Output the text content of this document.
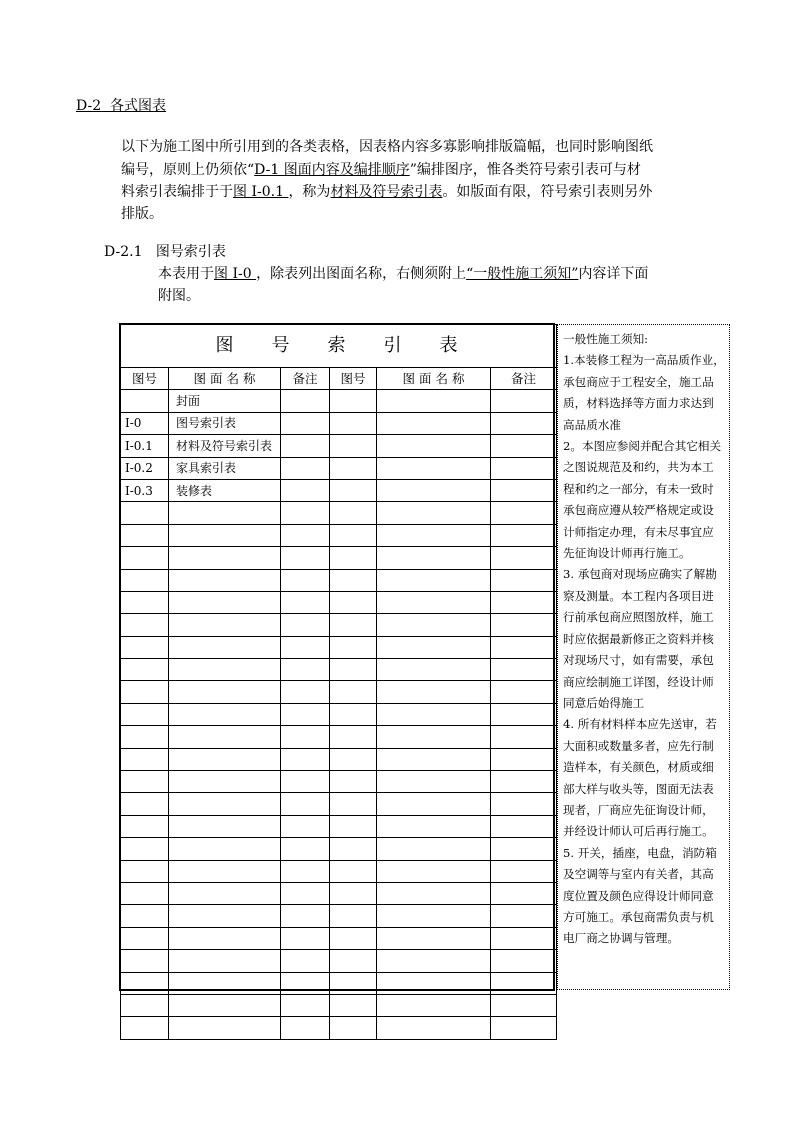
D-2 各式图表
以下为施工图中所引用到的各类表格，因表格内容多寡影响排版篇幅，也同时影响图纸
编号，原则上仍须依“D-1 图面内容及编排顺序”编排图序，惟各类符号索引表可与材
料索引表编排于于图 I-0.1 ，称为材料及符号索引表。如版面有限，符号索引表则另外
排版。
D-2.1 图号索引表
本表用于图 I-0 ，除表列出图面名称，右侧须附上“一般性施工须知”内容详下面
附图。
图号索引表					
图号	图 面 名 称	备注	图号	图 面 名 称	备注
	封面				
I-0	图号索引表				
I-0.1	材料及符号索引表				
I-0.2	家具索引表				
I-0.3	装修表				

一般性施工须知:

1.本装修工程为一高品质作业，承包商应于工程安全，施工品质，材料选择等方面力求达到高品质水准

2。本图应参阅并配合其它相关之图说规范及和约，共为本工程和约之一部分，有未一致时承包商应遵从较严格规定或设计师指定办理，有未尽事宜应先征询设计师再行施工。

3. 承包商对现场应确实了解勘察及测量。本工程内各项目进行前承包商应照图放样，施工时应依据最新修正之资料并核对现场尺寸，如有需要，承包商应绘制施工详图，经设计师同意后始得施工

4. 所有材料样本应先送审，若大面积或数量多者，应先行制造样本，有关颜色，材质或细部大样与收头等，图面无法表现者，厂商应先征询设计师，并经设计师认可后再行施工。

5. 开关，插座，电盘，消防箱及空调等与室内有关者，其高度位置及颜色应得设计师同意方可施工。承包商需负责与机电厂商之协调与管理。
